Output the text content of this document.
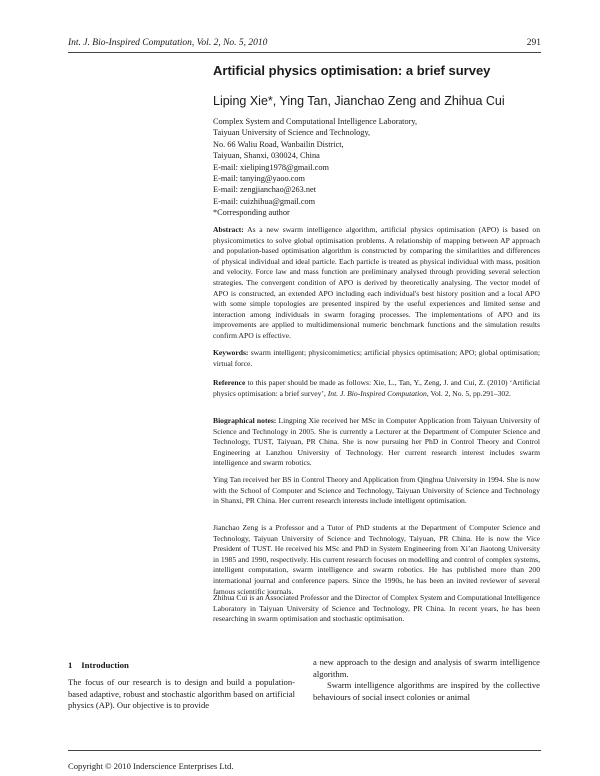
Int. J. Bio-Inspired Computation, Vol. 2, No. 5, 2010	291
Artificial physics optimisation: a brief survey
Liping Xie*, Ying Tan, Jianchao Zeng and Zhihua Cui
Complex System and Computational Intelligence Laboratory,
Taiyuan University of Science and Technology,
No. 66 Waliu Road, Wanbailin District,
Taiyuan, Shanxi, 030024, China
E-mail: xieliping1978@gmail.com
E-mail: tanying@yaoo.com
E-mail: zengjianchao@263.net
E-mail: cuizhihua@gmail.com
*Corresponding author

Abstract: As a new swarm intelligence algorithm, artificial physics optimisation (APO) is based on physicomimetics to solve global optimisation problems. A relationship of mapping between AP approach and population-based optimisation algorithm is constructed by comparing the similarities and differences of physical individual and ideal particle. Each particle is treated as physical individual with mass, position and velocity. Force law and mass function are preliminary analysed through providing several selection strategies. The convergent condition of APO is derived by theoretically analysing. The vector model of APO is constructed, an extended APO including each individual's best history position and a local APO with some simple topologies are presented inspired by the useful experiences and limited sense and interaction among individuals in swarm foraging processes. The implementations of APO and its improvements are applied to multidimensional numeric benchmark functions and the simulation results confirm APO is effective.

Keywords: swarm intelligent; physicomimetics; artificial physics optimisation; APO; global optimisation; virtual force.

Reference to this paper should be made as follows: Xie, L., Tan, Y., Zeng, J. and Cui, Z. (2010) ‘Artificial physics optimisation: a brief survey’, Int. J. Bio-Inspired Computation, Vol. 2, No. 5, pp.291–302.

Biographical notes: Lingping Xie received her MSc in Computer Application from Taiyuan University of Science and Technology in 2005. She is currently a Lecturer at the Department of Computer Science and Technology, TUST, Taiyuan, PR China. She is now pursuing her PhD in Control Theory and Control Engineering at Lanzhou University of Technology. Her current research interest includes swarm intelligence and swarm robotics.

Ying Tan received her BS in Control Theory and Application from Qinghua University in 1994. She is now with the School of Computer and Science and Technology, Taiyuan University of Science and Technology in Shanxi, PR China. Her current research interests include intelligent optimisation.

Jianchao Zeng is a Professor and a Tutor of PhD students at the Department of Computer Science and Technology, Taiyuan University of Science and Technology, Taiyuan, PR China. He is now the Vice President of TUST. He received his MSc and PhD in System Engineering from Xi’an Jiaotong University in 1985 and 1990, respectively. His current research focuses on modelling and control of complex systems, intelligent computation, swarm intelligence and swarm robotics. He has published more than 200 international journal and conference papers. Since the 1990s, he has been an invited reviewer of several famous scientific journals.

Zhihua Cui is an Associated Professor and the Director of Complex System and Computational Intelligence Laboratory in Taiyuan University of Science and Technology, PR China. In recent years, he has been researching in swarm optimisation and stochastic optimisation.

1 Introduction

The focus of our research is to design and build a population-based adaptive, robust and stochastic algorithm based on artificial physics (AP). Our objective is to provide

a new approach to the design and analysis of swarm intelligence algorithm.

Swarm intelligence algorithms are inspired by the collective behaviours of social insect colonies or animal

Copyright © 2010 Inderscience Enterprises Ltd.
